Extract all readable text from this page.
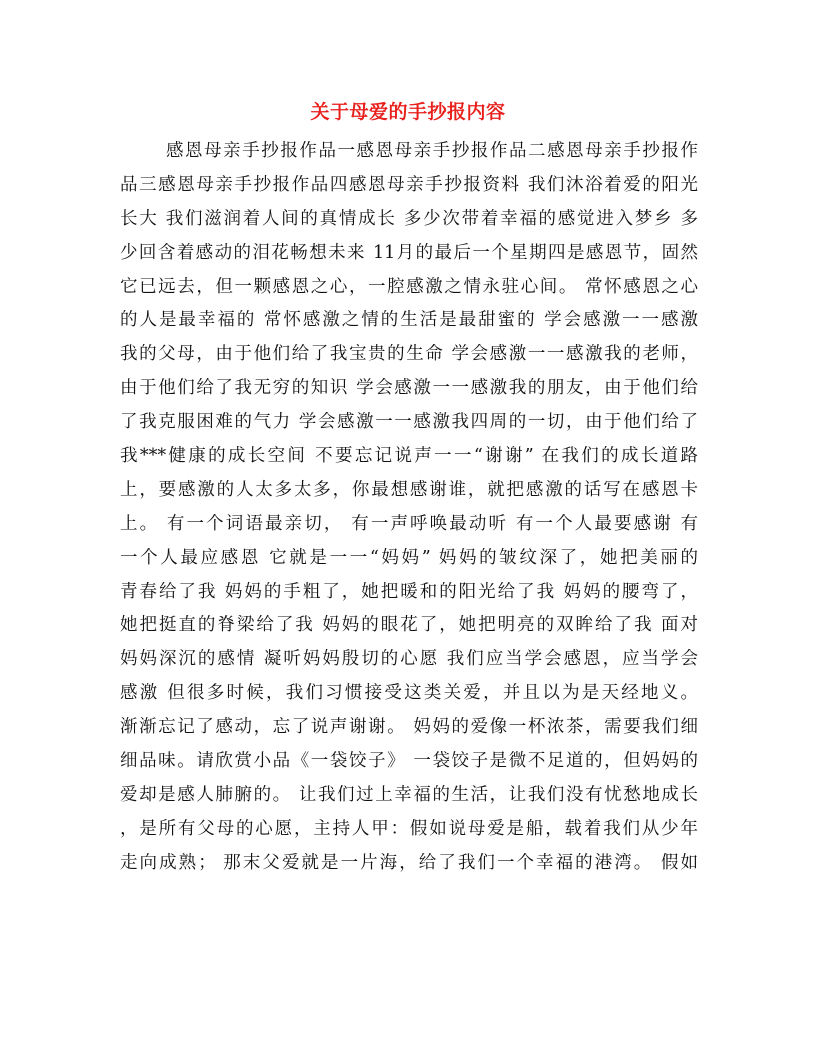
关于母爱的手抄报内容
感恩母亲手抄报作品一感恩母亲手抄报作品二感恩母亲手抄报作
品三感恩母亲手抄报作品四感恩母亲手抄报资料 我们沐浴着爱的阳光
长大 我们滋润着人间的真情成长 多少次带着幸福的感觉进入梦乡 多
少回含着感动的泪花畅想未来 11月的最后一个星期四是感恩节，固然
它已远去，但一颗感恩之心，一腔感激之情永驻心间。 常怀感恩之心
的人是最幸福的 常怀感激之情的生活是最甜蜜的 学会感激一一感激
我的父母，由于他们给了我宝贵的生命 学会感激一一感激我的老师，
由于他们给了我无穷的知识 学会感激一一感激我的朋友，由于他们给
了我克服困难的气力 学会感激一一感激我四周的一切，由于他们给了
我***健康的成长空间 不要忘记说声一一“谢谢” 在我们的成长道路
上，要感激的人太多太多，你最想感谢谁，就把感激的话写在感恩卡
上。 有一个词语最亲切， 有一声呼唤最动听 有一个人最要感谢 有
一个人最应感恩 它就是一一“妈妈” 妈妈的皱纹深了，她把美丽的
青春给了我 妈妈的手粗了，她把暖和的阳光给了我 妈妈的腰弯了，
她把挺直的脊梁给了我 妈妈的眼花了，她把明亮的双眸给了我 面对
妈妈深沉的感情 凝听妈妈殷切的心愿 我们应当学会感恩，应当学会
感激 但很多时候，我们习惯接受这类关爱，并且以为是天经地义。
渐渐忘记了感动，忘了说声谢谢。 妈妈的爱像一杯浓茶，需要我们细
细品味。请欣赏小品《一袋饺子》 一袋饺子是微不足道的，但妈妈的
爱却是感人肺腑的。 让我们过上幸福的生活，让我们没有忧愁地成长
，是所有父母的心愿，主持人甲：假如说母爱是船，载着我们从少年
走向成熟； 那末父爱就是一片海，给了我们一个幸福的港湾。 假如
